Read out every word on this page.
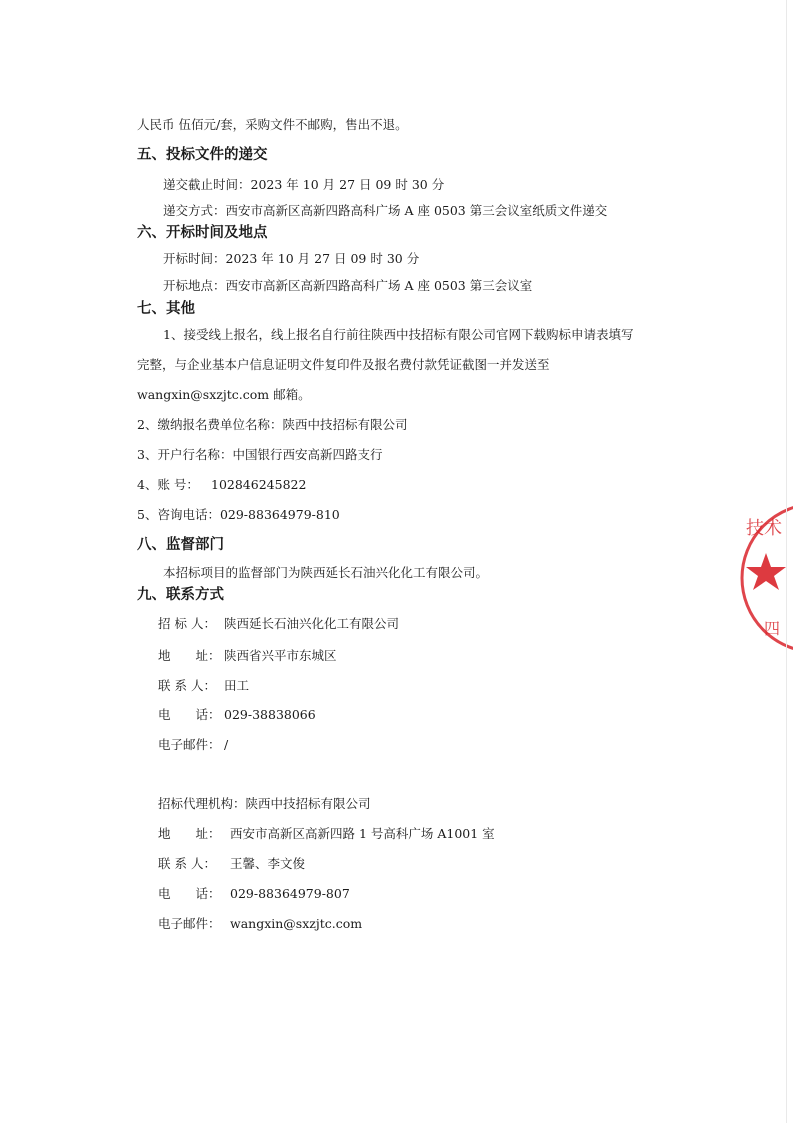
人民币 伍佰元/套，采购文件不邮购，售出不退。
五、投标文件的递交
递交截止时间：2023 年 10 月 27 日 09 时 30 分
递交方式：西安市高新区高新四路高科广场 A 座 0503 第三会议室纸质文件递交
六、开标时间及地点
开标时间：2023 年 10 月 27 日 09 时 30 分
开标地点：西安市高新区高新四路高科广场 A 座 0503 第三会议室
七、其他
1、接受线上报名，线上报名自行前往陕西中技招标有限公司官网下载购标申请表填写
完整，与企业基本户信息证明文件复印件及报名费付款凭证截图一并发送至
wangxin@sxzjtc.com 邮箱。
2、缴纳报名费单位名称：陕西中技招标有限公司
3、开户行名称：中国银行西安高新四路支行
4、账 号： 102846245822
5、咨询电话：029-88364979-810
八、监督部门
本招标项目的监督部门为陕西延长石油兴化化工有限公司。
九、联系方式
招 标 人： 陕西延长石油兴化化工有限公司
地　　址： 陕西省兴平市东城区
联 系 人： 田工
电　　话： 029-38838066
电子邮件： /
招标代理机构：陕西中技招标有限公司
地　　址： 西安市高新区高新四路 1 号高科广场 A1001 室
联 系 人： 王馨、李文俊
电　　话： 029-88364979-807
电子邮件： wangxin@sxzjtc.com
技术
四
